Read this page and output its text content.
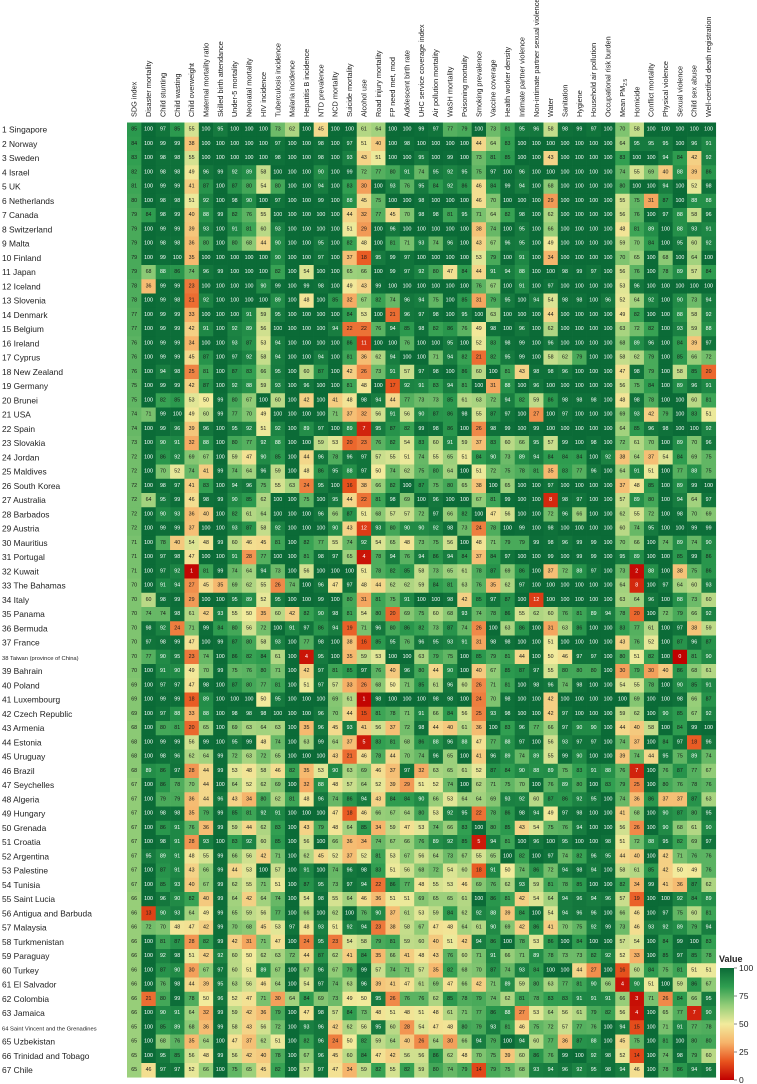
SDG index Disaster mortality Child stunting Child wasting Child overweight Maternal mortality ratio Skilled birth attendance Under-5 mortality Neonatal mortality HIV incidence Tuberculosis incidence Malaria incidence Hepatitis B incidence NTD prevalence NCD mortality Suicide mortality Alcohol use Road injury mortality FP need met, mod Adolescent birth rate UHC service coverage index Air pollution mortality WaSH mortality Poisoning mortality Smoking prevalence Vaccine coverage Health worker density Intimate partner violence Non-intimate partner sexual violence Water Sanitation Hygiene Household air pollution Occupational risk burden Mean $PM_{2.5}$
Homicide Conflict mortality Physical violence Sexual violence Child sex abuse Well-certified death registration
1 Singapore
2 Norway
3 Sweden
4 Israel
5 UK
6 Netherlands
7 Canada
8 Switzerland
9 Malta
10 Finland
11 Japan
12 Iceland
13 Slovenia
14 Denmark
15 Belgium
16 Ireland
17 Cyprus
18 New Zealand
19 Germany
20 Brunei
21 USA
22 Spain
23 Slovakia
24 Jordan
25 Maldives
26 South Korea
27 Australia
28 Barbados
29 Austria
30 Mauritius
31 Portugal
32 Kuwait
33 The Bahamas
34 Italy
35 Panama
36 Bermuda
37 France
38 Taiwan (province of China)
39 Bahrain
40 Poland
41 Luxembourg
42 Czech Republic
43 Armenia
44 Estonia
45 Uruguay
46 Brazil
47 Seychelles
48 Algeria
49 Hungary
50 Grenada
51 Croatia
52 Argentina
53 Palestine
54 Tunisia
55 Saint Lucia
56 Antigua and Barbuda
57 Malaysia
58 Turkmenistan
59 Paraguay
60 Turkey
61 El Salvador
62 Colombia
63 Jamaica
64 Saint Vincent and the Grenadines
65 Uzbekistan
66 Trinidad and Tobago
67 Chile
85 100 97 85 55 100 95 100 100 100 73 62 100 45 100 100 61 64 100 100 99 97 77 79 100 73 81 95 96 58 98 99 97 100 70 58 100 100 100 100 100
84 100 99 99 38 100 100 100 100 100 97 100 100 98 100 97 51 40 100 98 100 100 100 100 44 64 83 100 100 100 100 100 100 100 64 95 95 95 100 96 91
83 100 98 98 55 100 100 100 100 100 98 100 100 98 100 93 43 51 100 100 95 100 99 100 73 81 85 100 100 43 100 100 100 100 83 100 100 94 84 42 92
82 100 98 98 49 96 99 92 89 58 100 100 100 90 100 99 72 77 80 91 74 95 92 95 75 97 100 96 100 100 100 100 100 100 74 55 69 40 88 39 86
81 100 99 99 41 87 100 87 80 54 80 100 100 94 100 83 30 100 93 76 95 84 92 86 46 84 99 94 100 68 100 100 100 100 80 100 100 94 100 52 98
80 100 98 98 51 92 100 98 90 100 97 100 100 99 100 88 45 75 100 100 98 100 100 100 46 70 100 100 100 29 100 100 100 100 55 75 31 87 100 88 88
79 84 98 99 40 88 99 82 76 55 100 100 100 100 100 44 32 77 45 70 98 98 81 95 71 64 82 98 100 62 100 100 100 100 56 76 100 97 88 58 96
79 100 99 99 39 93 100 91 81 60 93 100 100 100 100 51 29 100 96 100 100 100 100 100 38 74 100 95 100 66 100 100 100 100 48 81 89 100 88 93 91
79 100 98 98 36 80 100 80 68 44 90 100 100 95 100 82 48 100 81 71 93 74 96 100 43 67 96 95 100 49 100 100 100 100 59 70 84 100 95 60 92
79 100 99 100 35 100 100 100 100 100 90 100 100 97 100 37 18 95 99 97 100 100 100 100 53 79 100 91 100 34 100 100 100 100 70 65 100 68 100 64 100
79 68 88 86 74 96 99 100 100 100 82 100 54 100 100 65 66 100 99 97 92 80 47 84 44 91 94 88 100 100 98 99 97 100 56 76 100 78 89 57 84
78 36 99 99 23 100 100 100 100 90 99 100 99 98 100 49 43 99 100 100 100 100 100 100 76 67 100 91 100 97 100 100 100 100 53 96 100 100 100 100 100
78 100 99 98 21 92 100 100 100 100 89 100 48 100 85 32 67 82 74 96 94 75 100 85 31 79 95 100 94 54 98 98 100 96 52 64 92 100 90 73 94
77 100 99 99 33 100 100 100 91 59 95 100 100 100 100 84 53 100 21 96 97 98 100 95 100 63 100 100 100 44 100 100 100 100 49 82 100 100 88 58 92
77 100 99 99 42 91 100 92 89 56 100 100 100 100 94 22 22 76 94 85 98 82 86 76 49 98 100 96 100 62 100 100 100 100 63 72 82 100 93 59 88
76 100 99 99 34 100 100 93 87 53 94 100 100 100 100 86 11 100 100 76 100 100 95 100 52 83 98 99 100 96 100 100 100 100 68 89 96 100 84 39 97
76 100 99 99 45 87 100 97 92 58 94 100 100 94 100 81 36 62 94 100 100 71 94 82 21 82 95 99 100 58 62 79 100 100 58 62 79 100 85 66 72
76 100 94 98 25 81 100 87 83 66 95 100 60 87 100 42 26 73 91 57 97 98 100 86 60 100 81 43 98 98 96 100 100 100 47 98 79 100 58 85 20
75 100 99 99 42 87 100 92 88 59 93 100 96 100 100 81 48 100 17 92 91 83 94 81 100 31 88 100 96 100 100 100 100 100 56 75 84 100 89 96 91
75 100 82 85 53 50 99 80 67 100 60 100 42 100 41 48 98 94 44 77 73 73 85 61 63 72 94 82 59 86 98 98 98 100 48 98 78 100 100 60 81
74 71 99 100 49 60 99 77 70 49 100 100 100 100 71 37 32 56 91 56 90 87 86 98 55 87 97 100 27 100 97 100 100 100 69 93 42 79 100 83 51
74 100 99 96 39 96 100 95 92 51 92 100 89 97 100 89 7 95 87 82 99 98 86 100 26 98 99 100 99 100 100 100 100 100 64 85 96 98 100 100 92
73 100 90 91 32 88 100 80 77 92 88 100 100 59 53 20 23 76 82 54 83 60 91 59 37 83 60 66 95 57 99 100 98 100 72 61 70 100 89 70 96
72 100 86 92 69 67 100 59 47 90 85 100 44 96 78 96 97 57 55 51 74 55 65 51 84 90 73 89 94 84 84 84 100 92 38 64 37 54 84 69 75
72 100 70 52 74 41 99 74 64 96 59 100 48 86 95 88 97 50 74 62 75 80 64 100 51 72 75 78 81 35 83 77 96 100 64 91 51 100 77 88 75
72 100 98 97 41 83 100 94 96 75 55 63 24 95 100 16 38 66 82 100 87 75 80 65 38 100 65 100 100 97 100 100 100 100 37 48 85 100 89 99 100
72 64 95 99 46 98 99 90 85 62 100 100 75 100 95 44 22 81 98 69 100 96 100 100 67 81 99 100 100 8 98 97 100 100 57 89 80 100 94 64 97
72 100 90 93 36 40 100 82 61 64 100 100 100 96 66 87 51 68 57 57 72 97 66 82 100 47 56 100 100 72 96 66 100 100 62 55 72 100 98 70 69
72 100 99 99 37 100 100 93 87 58 92 100 100 100 90 43 12 93 80 90 90 92 98 73 24 78 100 99 100 98 100 100 100 100 60 74 95 100 100 99 99
71 100 78 40 54 48 99 60 46 45 81 100 82 77 55 74 92 54 65 48 73 75 56 100 48 71 79 79 99 98 96 99 99 100 70 66 100 74 89 74 90
71 100 97 98 47 100 100 91 28 77 100 100 81 98 97 65 4 78 94 76 94 86 94 84 37 84 97 100 100 99 100 99 99 100 95 89 100 100 85 99 86
71 100 97 92 1 81 99 74 64 94 73 100 56 100 100 100 51 78 82 85 58 73 65 61 78 87 69 86 100 37 72 88 97 100 73 2 88 100 38 75 86
70 100 91 94 27 45 35 69 62 55 26 74 100 96 47 97 48 44 62 62 59 84 81 63 76 35 62 97 100 100 100 100 100 100 64 8 100 97 64 60 93
70 60 98 99 29 100 100 95 89 52 95 100 100 99 100 80 31 81 75 91 100 100 98 42 85 97 87 100 12 100 100 100 100 100 63 64 96 100 88 73 60
70 74 74 98 61 42 93 55 50 35 60 42 82 90 98 81 54 80 20 69 75 60 68 93 74 78 86 55 62 60 76 81 89 94 78 20 100 72 79 66 92
70 98 92 24 71 99 84 80 56 72 100 91 97 86 94 19 71 96 80 86 82 73 87 74 26 100 63 86 100 31 63 86 100 100 83 77 61 100 97 38 59
70 97 98 99 47 100 99 87 80 58 93 100 77 98 100 38 16 85 95 76 96 95 93 91 31 98 98 100 100 51 100 100 100 100 43 76 52 100 87 96 87
70 77 90 95 23 74 100 86 82 84 61 100 4 95 100 35 59 53 100 100 63 79 75 100 85 79 81 44 100 50 46 97 97 100 80 51 82 100 0 81 90
70 100 91 90 49 70 99 75 76 80 71 100 42 97 81 85 97 76 40 96 80 44 90 100 40 67 85 87 97 55 80 80 80 100 30 79 30 40 86 68 61
69 100 97 97 47 98 100 87 80 77 81 100 51 97 57 33 26 68 50 71 85 61 96 60 26 71 81 100 98 96 74 98 100 100 54 55 78 100 90 85 91
69 100 99 99 18 89 100 100 100 50 95 100 100 100 69 61 1 98 100 100 100 98 98 100 24 70 98 100 100 42 100 100 100 100 100 69 100 100 98 66 87
69 100 97 88 33 88 100 98 98 98 100 100 100 96 70 44 15 81 78 71 91 66 84 56 25 93 98 100 100 42 97 100 100 100 59 62 100 90 85 67 92
68 100 80 81 20 65 100 69 63 64 63 100 35 96 45 93 41 56 37 72 98 44 40 61 36 100 83 96 77 66 97 90 90 100 44 40 58 100 84 99 100
68 100 99 99 56 99 100 95 99 48 74 100 63 99 64 37 5 83 81 68 86 88 96 88 47 77 88 97 100 56 93 97 97 100 74 37 100 84 97 18 96
68 100 98 96 62 64 99 72 63 72 65 100 100 100 43 21 46 78 44 70 74 96 65 100 41 96 89 74 89 55 99 90 100 100 39 74 44 95 75 89 74
68 89 86 97 28 44 99 53 48 58 46 82 35 53 90 63 69 46 37 97 32 63 65 61 52 87 84 90 88 89 75 83 91 88 76 7 100 76 87 77 67
67 100 86 78 70 44 100 64 52 62 69 100 32 88 48 57 64 52 39 29 51 52 74 100 62 71 75 70 100 76 89 80 100 83 79 25 100 80 76 78 76
67 100 79 79 36 44 96 43 34 80 62 81 48 96 74 86 94 43 84 84 90 66 53 64 64 69 93 92 60 87 86 92 95 100 74 36 86 37 37 87 63
67 100 98 98 35 79 99 85 81 92 91 100 100 100 47 18 46 66 67 64 80 53 92 95 22 78 86 98 94 49 97 98 100 100 41 68 100 90 87 80 95
67 100 86 91 76 36 99 59 44 62 83 100 43 79 48 64 85 34 59 47 53 74 66 83 100 80 85 43 54 75 76 94 100 100 56 26 100 90 68 61 90
67 100 98 91 28 93 100 83 92 60 85 100 56 100 66 36 34 74 67 66 76 89 92 85 5 94 81 100 96 100 95 100 100 98 51 72 88 95 82 69 97
67 95 89 91 48 55 99 66 56 42 71 100 62 45 52 37 52 81 53 67 56 64 73 67 55 65 100 82 100 97 74 82 96 95 44 40 100 42 71 76 76
67 100 87 91 43 66 99 44 53 100 57 100 91 100 74 96 98 83 51 56 68 72 54 60 18 91 50 74 86 72 94 98 94 100 58 61 85 42 50 49 76
67 100 85 93 40 67 99 62 55 71 51 100 87 95 73 97 94 22 86 77 48 55 53 46 69 76 62 93 59 81 78 85 100 100 82 34 99 41 36 87 62
66 100 96 90 82 40 99 64 42 64 74 100 54 98 55 64 46 36 51 51 69 65 65 61 100 86 81 42 54 64 94 96 94 96 57 19 100 100 92 84 89
66 13 90 93 64 49 99 65 59 56 77 100 66 100 62 100 76 90 37 61 53 59 84 62 92 88 39 84 100 54 94 96 96 100 66 46 100 97 75 60 81
66 72 70 48 47 42 99 70 68 45 53 97 48 93 51 92 94 23 38 58 67 47 48 64 61 90 69 42 86 41 70 75 92 99 73 46 93 92 89 79 94
66 100 81 87 28 82 99 42 31 71 47 100 24 95 23 54 58 79 81 59 60 40 51 42 94 86 100 78 53 86 100 84 100 100 57 54 100 84 99 100 83
66 100 92 98 51 42 92 60 50 62 63 72 44 87 62 41 84 35 66 41 48 43 76 60 71 91 66 71 89 78 73 73 82 92 52 33 100 85 97 85 78
66 100 87 90 30 67 97 60 51 89 67 100 67 96 67 79 99 57 74 71 57 35 82 68 70 87 74 93 84 100 100 44 27 100 16 60 84 75 81 51 51
66 100 76 98 44 39 95 63 56 46 64 100 54 97 74 63 96 39 41 47 61 69 47 66 42 71 89 59 80 63 77 81 90 66 4 90 51 100 59 86 67
66 21 80 99 78 50 96 52 47 71 30 64 84 69 73 49 50 95 26 76 76 62 85 78 79 74 62 81 78 83 83 91 91 91 66 3 71 26 84 66 95
66 100 90 91 64 32 99 59 42 36 79 100 47 98 57 84 73 48 51 48 51 48 61 71 77 86 88 27 53 64 56 61 79 82 56 4 100 65 77 7 90
65 100 85 89 68 36 99 58 43 56 72 100 93 96 42 62 56 95 60 28 54 47 48 80 79 93 81 46 75 72 57 77 76 100 94 15 100 71 91 77 78
65 100 68 76 35 64 100 47 37 62 51 100 82 96 24 50 82 59 64 40 26 64 30 66 94 79 100 94 60 77 36 87 88 100 45 75 100 81 100 80 80
65 100 95 85 56 48 99 56 42 40 78 100 67 96 45 60 84 47 42 56 56 86 62 48 70 75 39 60 86 76 99 100 92 98 52 14 100 74 98 79 60
65 46 97 97 52 66 100 75 65 45 82 100 57 97 47 34 59 82 55 82 59 80 74 79 14 79 75 68 93 94 96 92 95 98 94 46 100 78 86 94 96
Value
0
25
50
75
100
